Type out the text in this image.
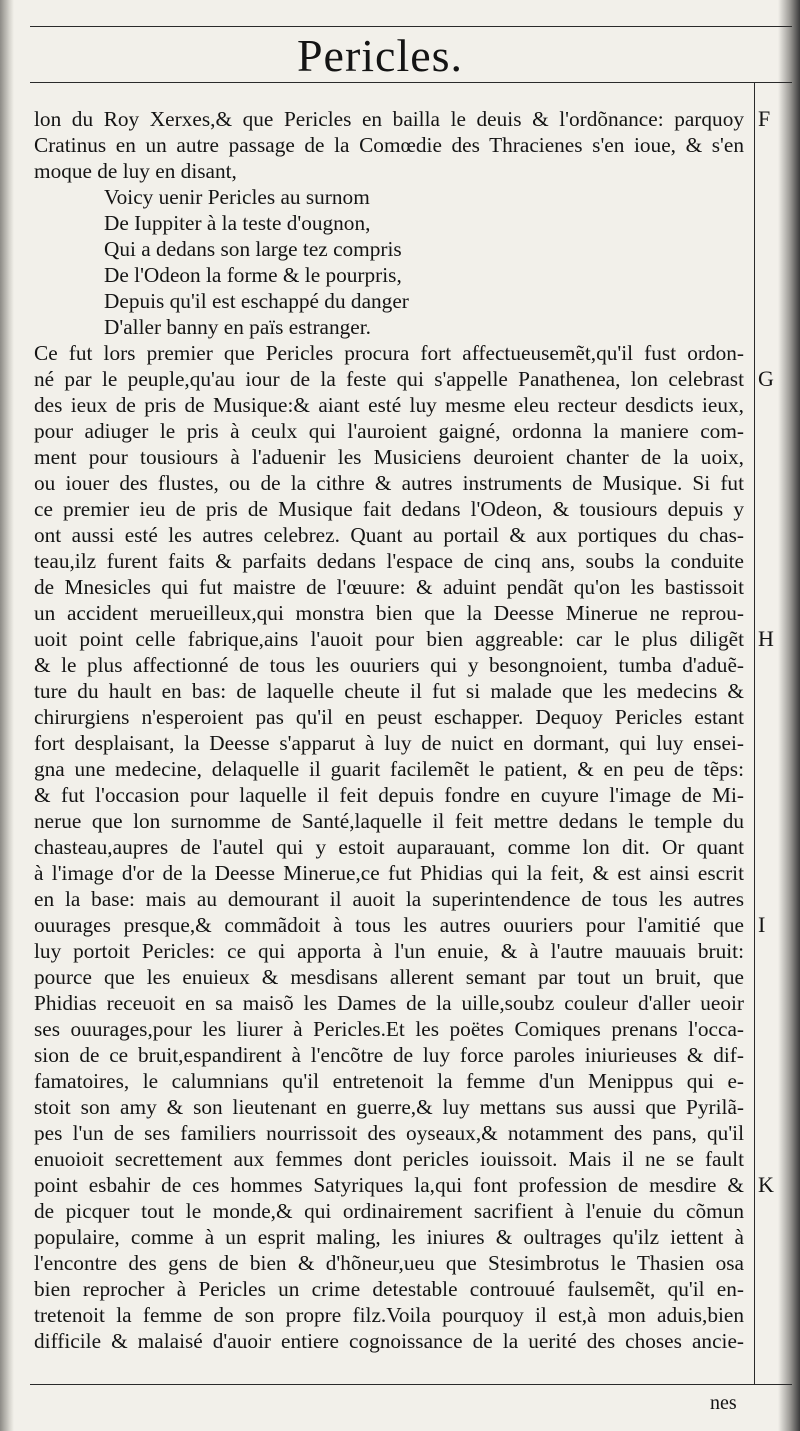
Pericles.
lon du Roy Xerxes,& que Pericles en bailla le deuis & l'ordõnance: parquoy
Cratinus en un autre passage de la Comœdie des Thracienes s'en ioue, & s'en
moque de luy en disant,
Voicy uenir Pericles au surnom
De Iuppiter à la teste d'ougnon,
Qui a dedans son large tez compris
De l'Odeon la forme & le pourpris,
Depuis qu'il est eschappé du danger
D'aller banny en païs estranger.
Ce fut lors premier que Pericles procura fort affectueusemẽt,qu'il fust ordon-
né par le peuple,qu'au iour de la feste qui s'appelle Panathenea, lon celebrast
des ieux de pris de Musique:& aiant esté luy mesme eleu recteur desdicts ieux,
pour adiuger le pris à ceulx qui l'auroient gaigné, ordonna la maniere com-
ment pour tousiours à l'aduenir les Musiciens deuroient chanter de la uoix,
ou iouer des flustes, ou de la cithre & autres instruments de Musique. Si fut
ce premier ieu de pris de Musique fait dedans l'Odeon, & tousiours depuis y
ont aussi esté les autres celebrez. Quant au portail & aux portiques du chas-
teau,ilz furent faits & parfaits dedans l'espace de cinq ans, soubs la conduite
de Mnesicles qui fut maistre de l'œuure: & aduint pendãt qu'on les bastissoit
un accident merueilleux,qui monstra bien que la Deesse Minerue ne reprou-
uoit point celle fabrique,ains l'auoit pour bien aggreable: car le plus diligẽt
& le plus affectionné de tous les ouuriers qui y besongnoient, tumba d'aduẽ-
ture du hault en bas: de laquelle cheute il fut si malade que les medecins &
chirurgiens n'esperoient pas qu'il en peust eschapper. Dequoy Pericles estant
fort desplaisant, la Deesse s'apparut à luy de nuict en dormant, qui luy ensei-
gna une medecine, delaquelle il guarit facilemẽt le patient, & en peu de tẽps:
& fut l'occasion pour laquelle il feit depuis fondre en cuyure l'image de Mi-
nerue que lon surnomme de Santé,laquelle il feit mettre dedans le temple du
chasteau,aupres de l'autel qui y estoit auparauant, comme lon dit. Or quant
à l'image d'or de la Deesse Minerue,ce fut Phidias qui la feit, & est ainsi escrit
en la base: mais au demourant il auoit la superintendence de tous les autres
ouurages presque,& commãdoit à tous les autres ouuriers pour l'amitié que
luy portoit Pericles: ce qui apporta à l'un enuie, & à l'autre mauuais bruit:
pource que les enuieux & mesdisans allerent semant par tout un bruit, que
Phidias receuoit en sa maisõ les Dames de la uille,soubz couleur d'aller ueoir
ses ouurages,pour les liurer à Pericles.Et les poëtes Comiques prenans l'occa-
sion de ce bruit,espandirent à l'encõtre de luy force paroles iniurieuses & dif-
famatoires, le calumnians qu'il entretenoit la femme d'un Menippus qui e-
stoit son amy & son lieutenant en guerre,& luy mettans sus aussi que Pyrilã-
pes l'un de ses familiers nourrissoit des oyseaux,& notamment des pans, qu'il
enuoioit secrettement aux femmes dont pericles iouissoit. Mais il ne se fault
point esbahir de ces hommes Satyriques la,qui font profession de mesdire &
de picquer tout le monde,& qui ordinairement sacrifient à l'enuie du cõmun
populaire, comme à un esprit maling, les iniures & oultrages qu'ilz iettent à
l'encontre des gens de bien & d'hõneur,ueu que Stesimbrotus le Thasien osa
bien reprocher à Pericles un crime detestable controuué faulsemẽt, qu'il en-
tretenoit la femme de son propre filz.Voila pourquoy il est,à mon aduis,bien
difficile & malaisé d'auoir entiere cognoissance de la uerité des choses ancie-
F
G
H
I
K
nes
